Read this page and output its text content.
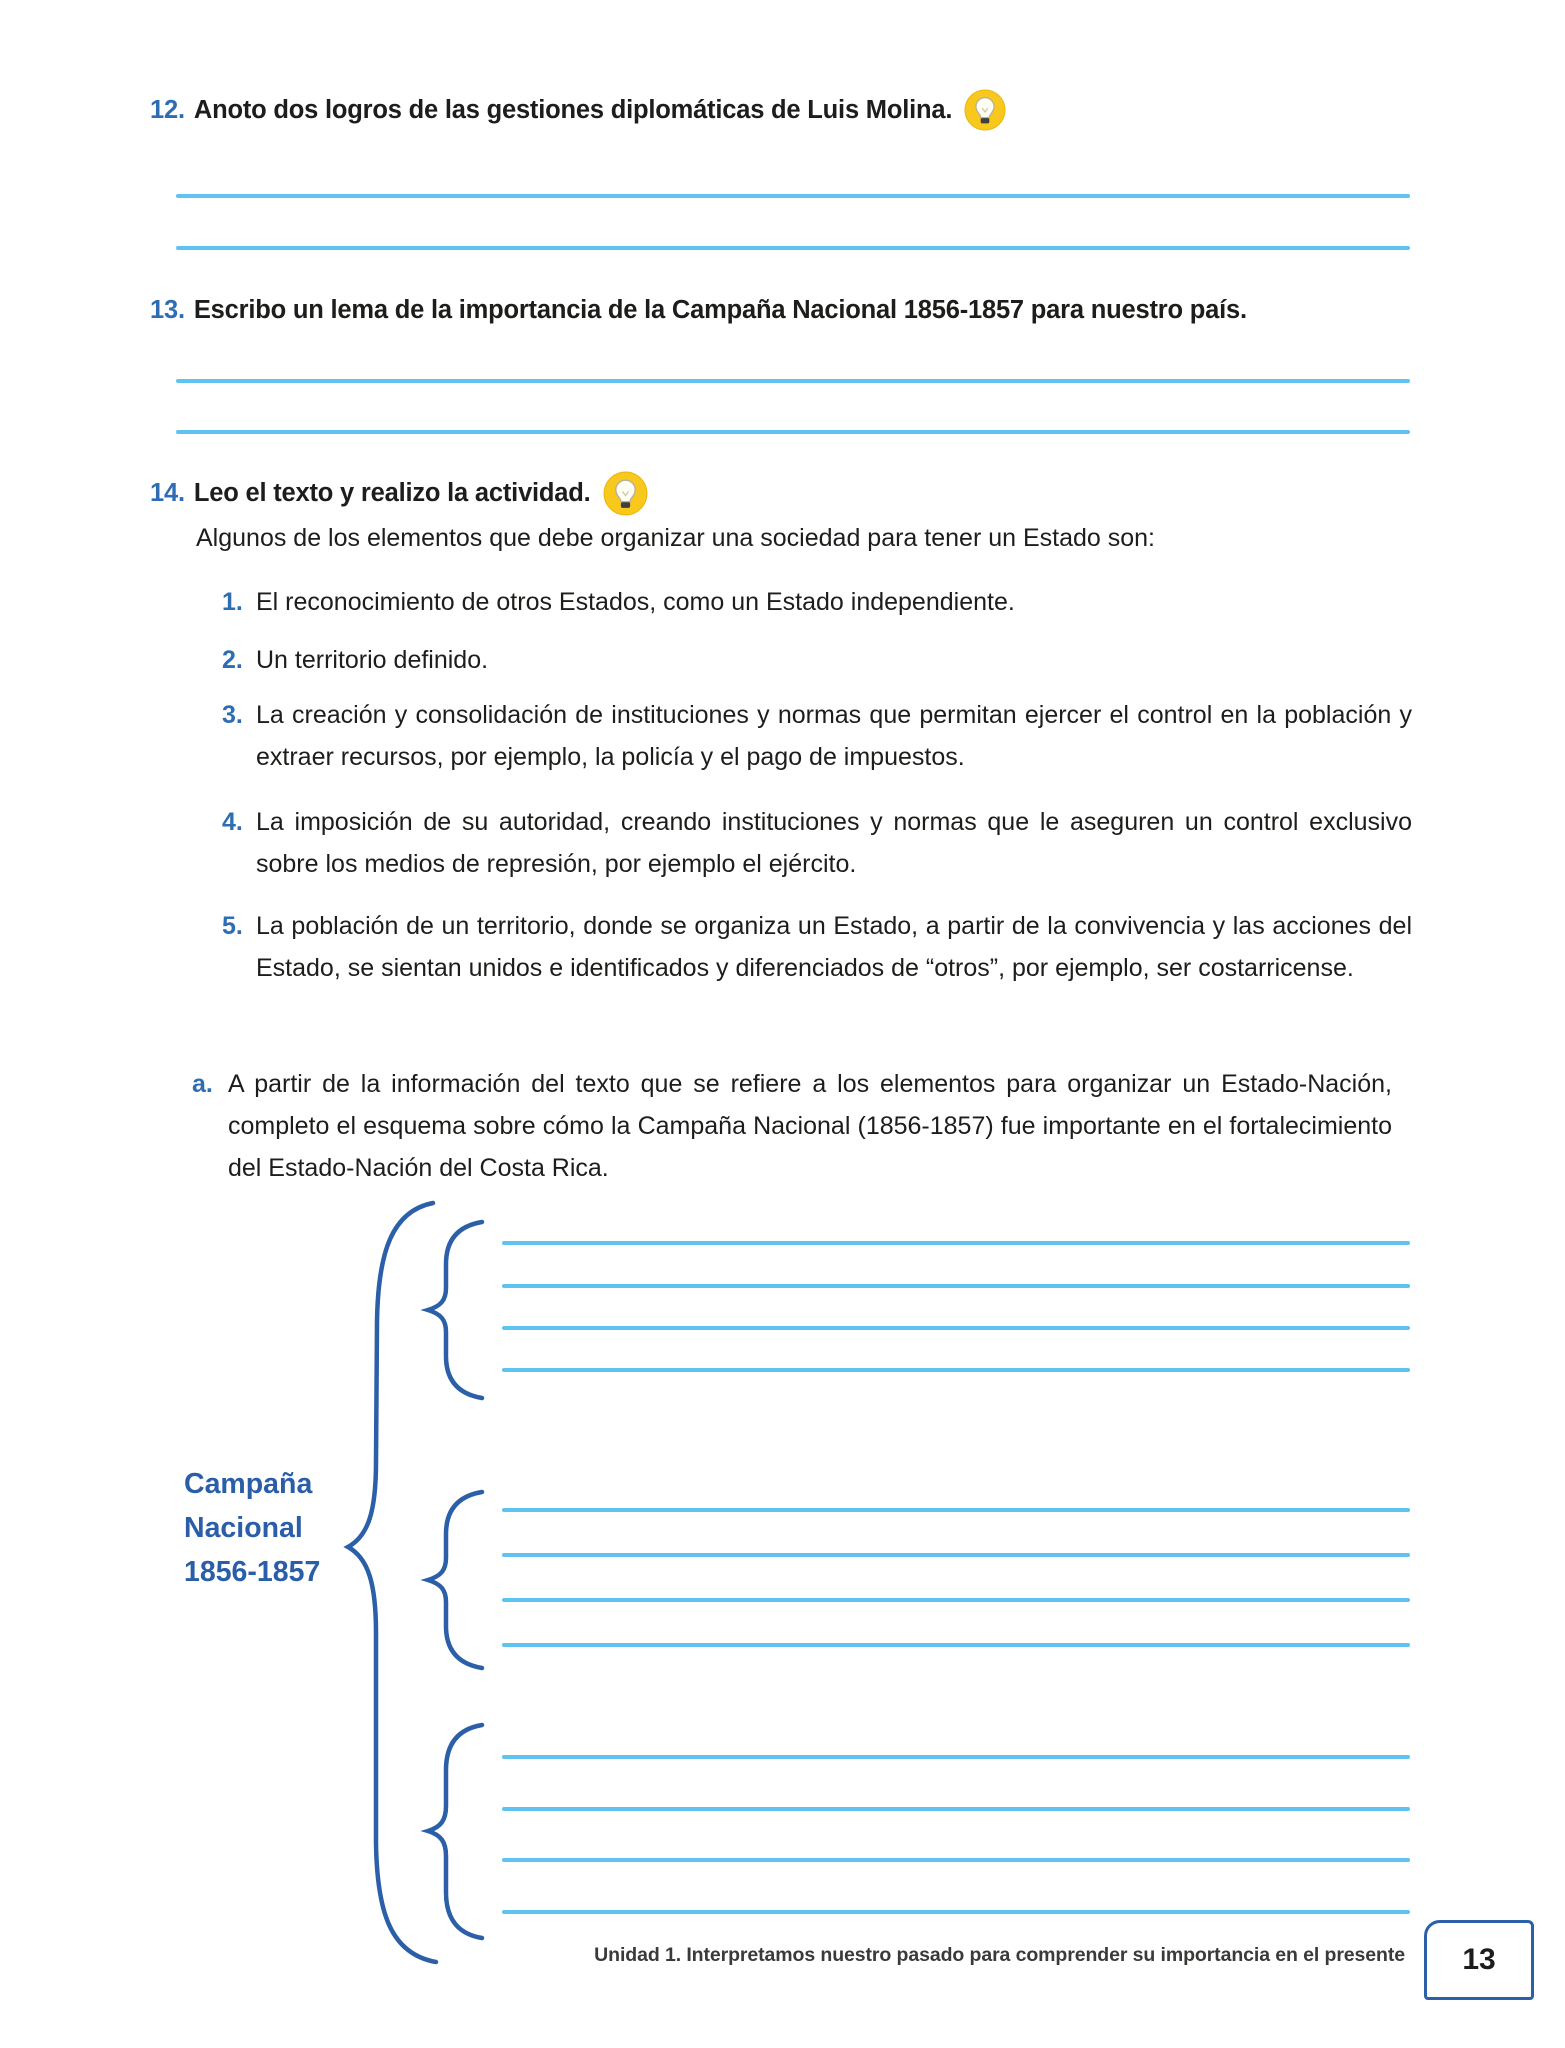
12. Anoto dos logros de las gestiones diplomáticas de Luis Molina.
13. Escribo un lema de la importancia de la Campaña Nacional 1856-1857 para nuestro país.
14. Leo el texto y realizo la actividad.
Algunos de los elementos que debe organizar una sociedad para tener un Estado son:
1. El reconocimiento de otros Estados, como un Estado independiente.
2. Un territorio definido.
3. La creación y consolidación de instituciones y normas que permitan ejercer el control en la población y extraer recursos, por ejemplo, la policía y el pago de impuestos.
4. La imposición de su autoridad, creando instituciones y normas que le aseguren un control exclusivo sobre los medios de represión, por ejemplo el ejército.
5. La población de un territorio, donde se organiza un Estado, a partir de la convivencia y las acciones del Estado, se sientan unidos e identificados y diferenciados de “otros”, por ejemplo, ser costarricense.
a. A partir de la información del texto que se refiere a los elementos para organizar un Estado-Nación, completo el esquema sobre cómo la Campaña Nacional (1856-1857) fue importante en el fortalecimiento del Estado-Nación del Costa Rica.
Campaña
Nacional
1856-1857
Unidad 1. Interpretamos nuestro pasado para comprender su importancia en el presente 13
